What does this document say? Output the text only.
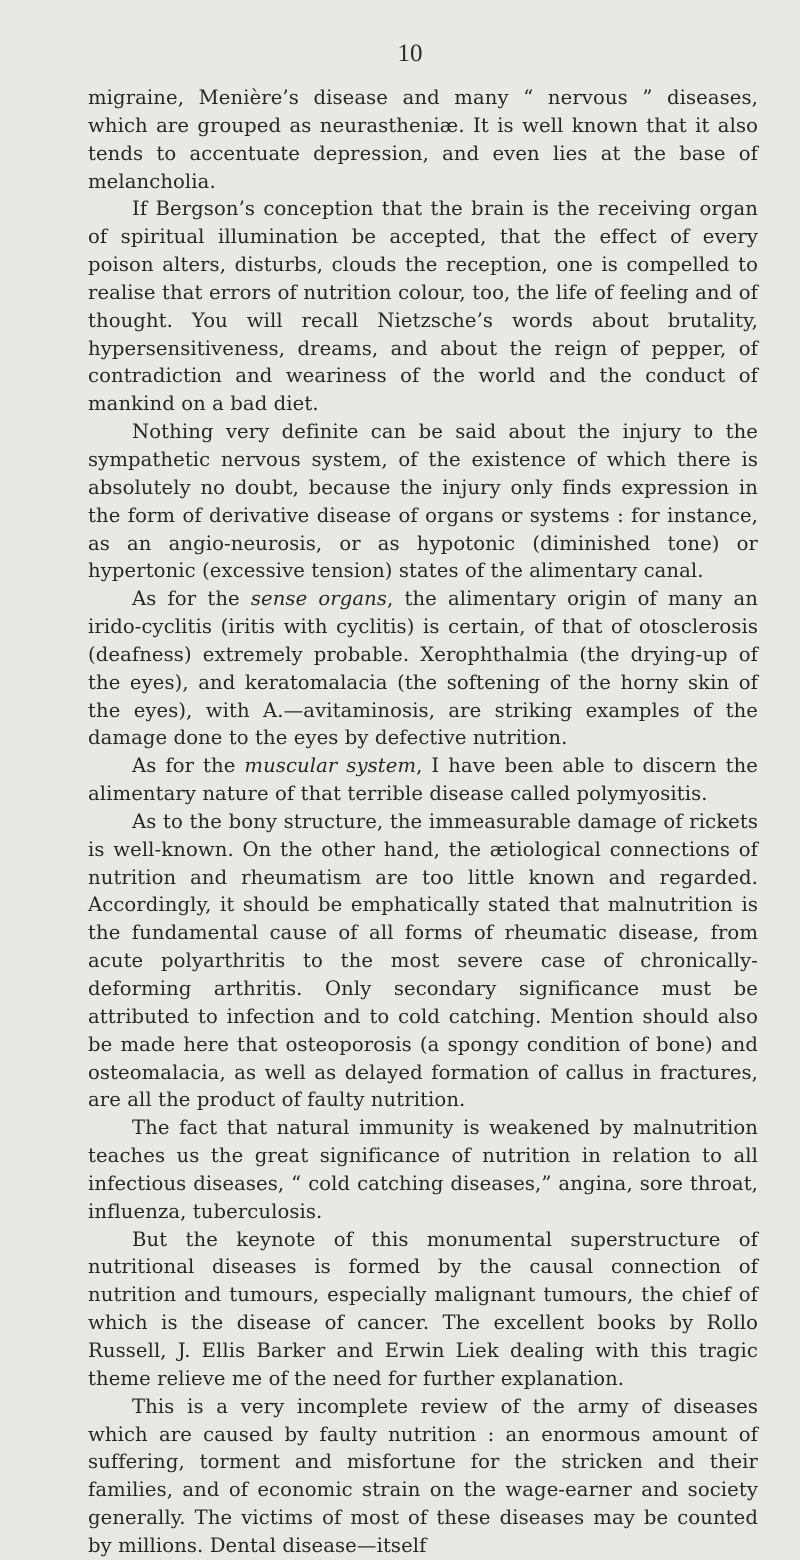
10

migraine, Menière’s disease and many “ nervous ” diseases, which are grouped as neurastheniæ. It is well known that it also tends to accentuate depression, and even lies at the base of melancholia.

If Bergson’s conception that the brain is the receiving organ of spiritual illumination be accepted, that the effect of every poison alters, disturbs, clouds the reception, one is compelled to realise that errors of nutrition colour, too, the life of feeling and of thought. You will recall Nietzsche’s words about brutality, hypersensitiveness, dreams, and about the reign of pepper, of contradiction and weariness of the world and the conduct of mankind on a bad diet.

Nothing very definite can be said about the injury to the sympathetic nervous system, of the existence of which there is absolutely no doubt, because the injury only finds expression in the form of derivative disease of organs or systems : for instance, as an angio-neurosis, or as hypotonic (diminished tone) or hypertonic (excessive tension) states of the alimentary canal.

As for the sense organs, the alimentary origin of many an irido-cyclitis (iritis with cyclitis) is certain, of that of otosclerosis (deafness) extremely probable. Xerophthalmia (the drying-up of the eyes), and keratomalacia (the softening of the horny skin of the eyes), with A.—avitaminosis, are striking examples of the damage done to the eyes by defective nutrition.

As for the muscular system, I have been able to discern the alimentary nature of that terrible disease called polymyositis.

As to the bony structure, the immeasurable damage of rickets is well-known. On the other hand, the ætiological connections of nutrition and rheumatism are too little known and regarded. Accordingly, it should be emphatically stated that malnutrition is the fundamental cause of all forms of rheumatic disease, from acute polyarthritis to the most severe case of chronically-deforming arthritis. Only secondary significance must be attributed to infection and to cold catching. Mention should also be made here that osteoporosis (a spongy condition of bone) and osteomalacia, as well as delayed formation of callus in fractures, are all the product of faulty nutrition.

The fact that natural immunity is weakened by malnutrition teaches us the great significance of nutrition in relation to all infectious diseases, “ cold catching diseases,” angina, sore throat, influenza, tuberculosis.

But the keynote of this monumental superstructure of nutritional diseases is formed by the causal connection of nutrition and tumours, especially malignant tumours, the chief of which is the disease of cancer. The excellent books by Rollo Russell, J. Ellis Barker and Erwin Liek dealing with this tragic theme relieve me of the need for further explanation.

This is a very incomplete review of the army of diseases which are caused by faulty nutrition : an enormous amount of suffering, torment and misfortune for the stricken and their families, and of economic strain on the wage-earner and society generally. The victims of most of these diseases may be counted by millions. Dental disease—itself
